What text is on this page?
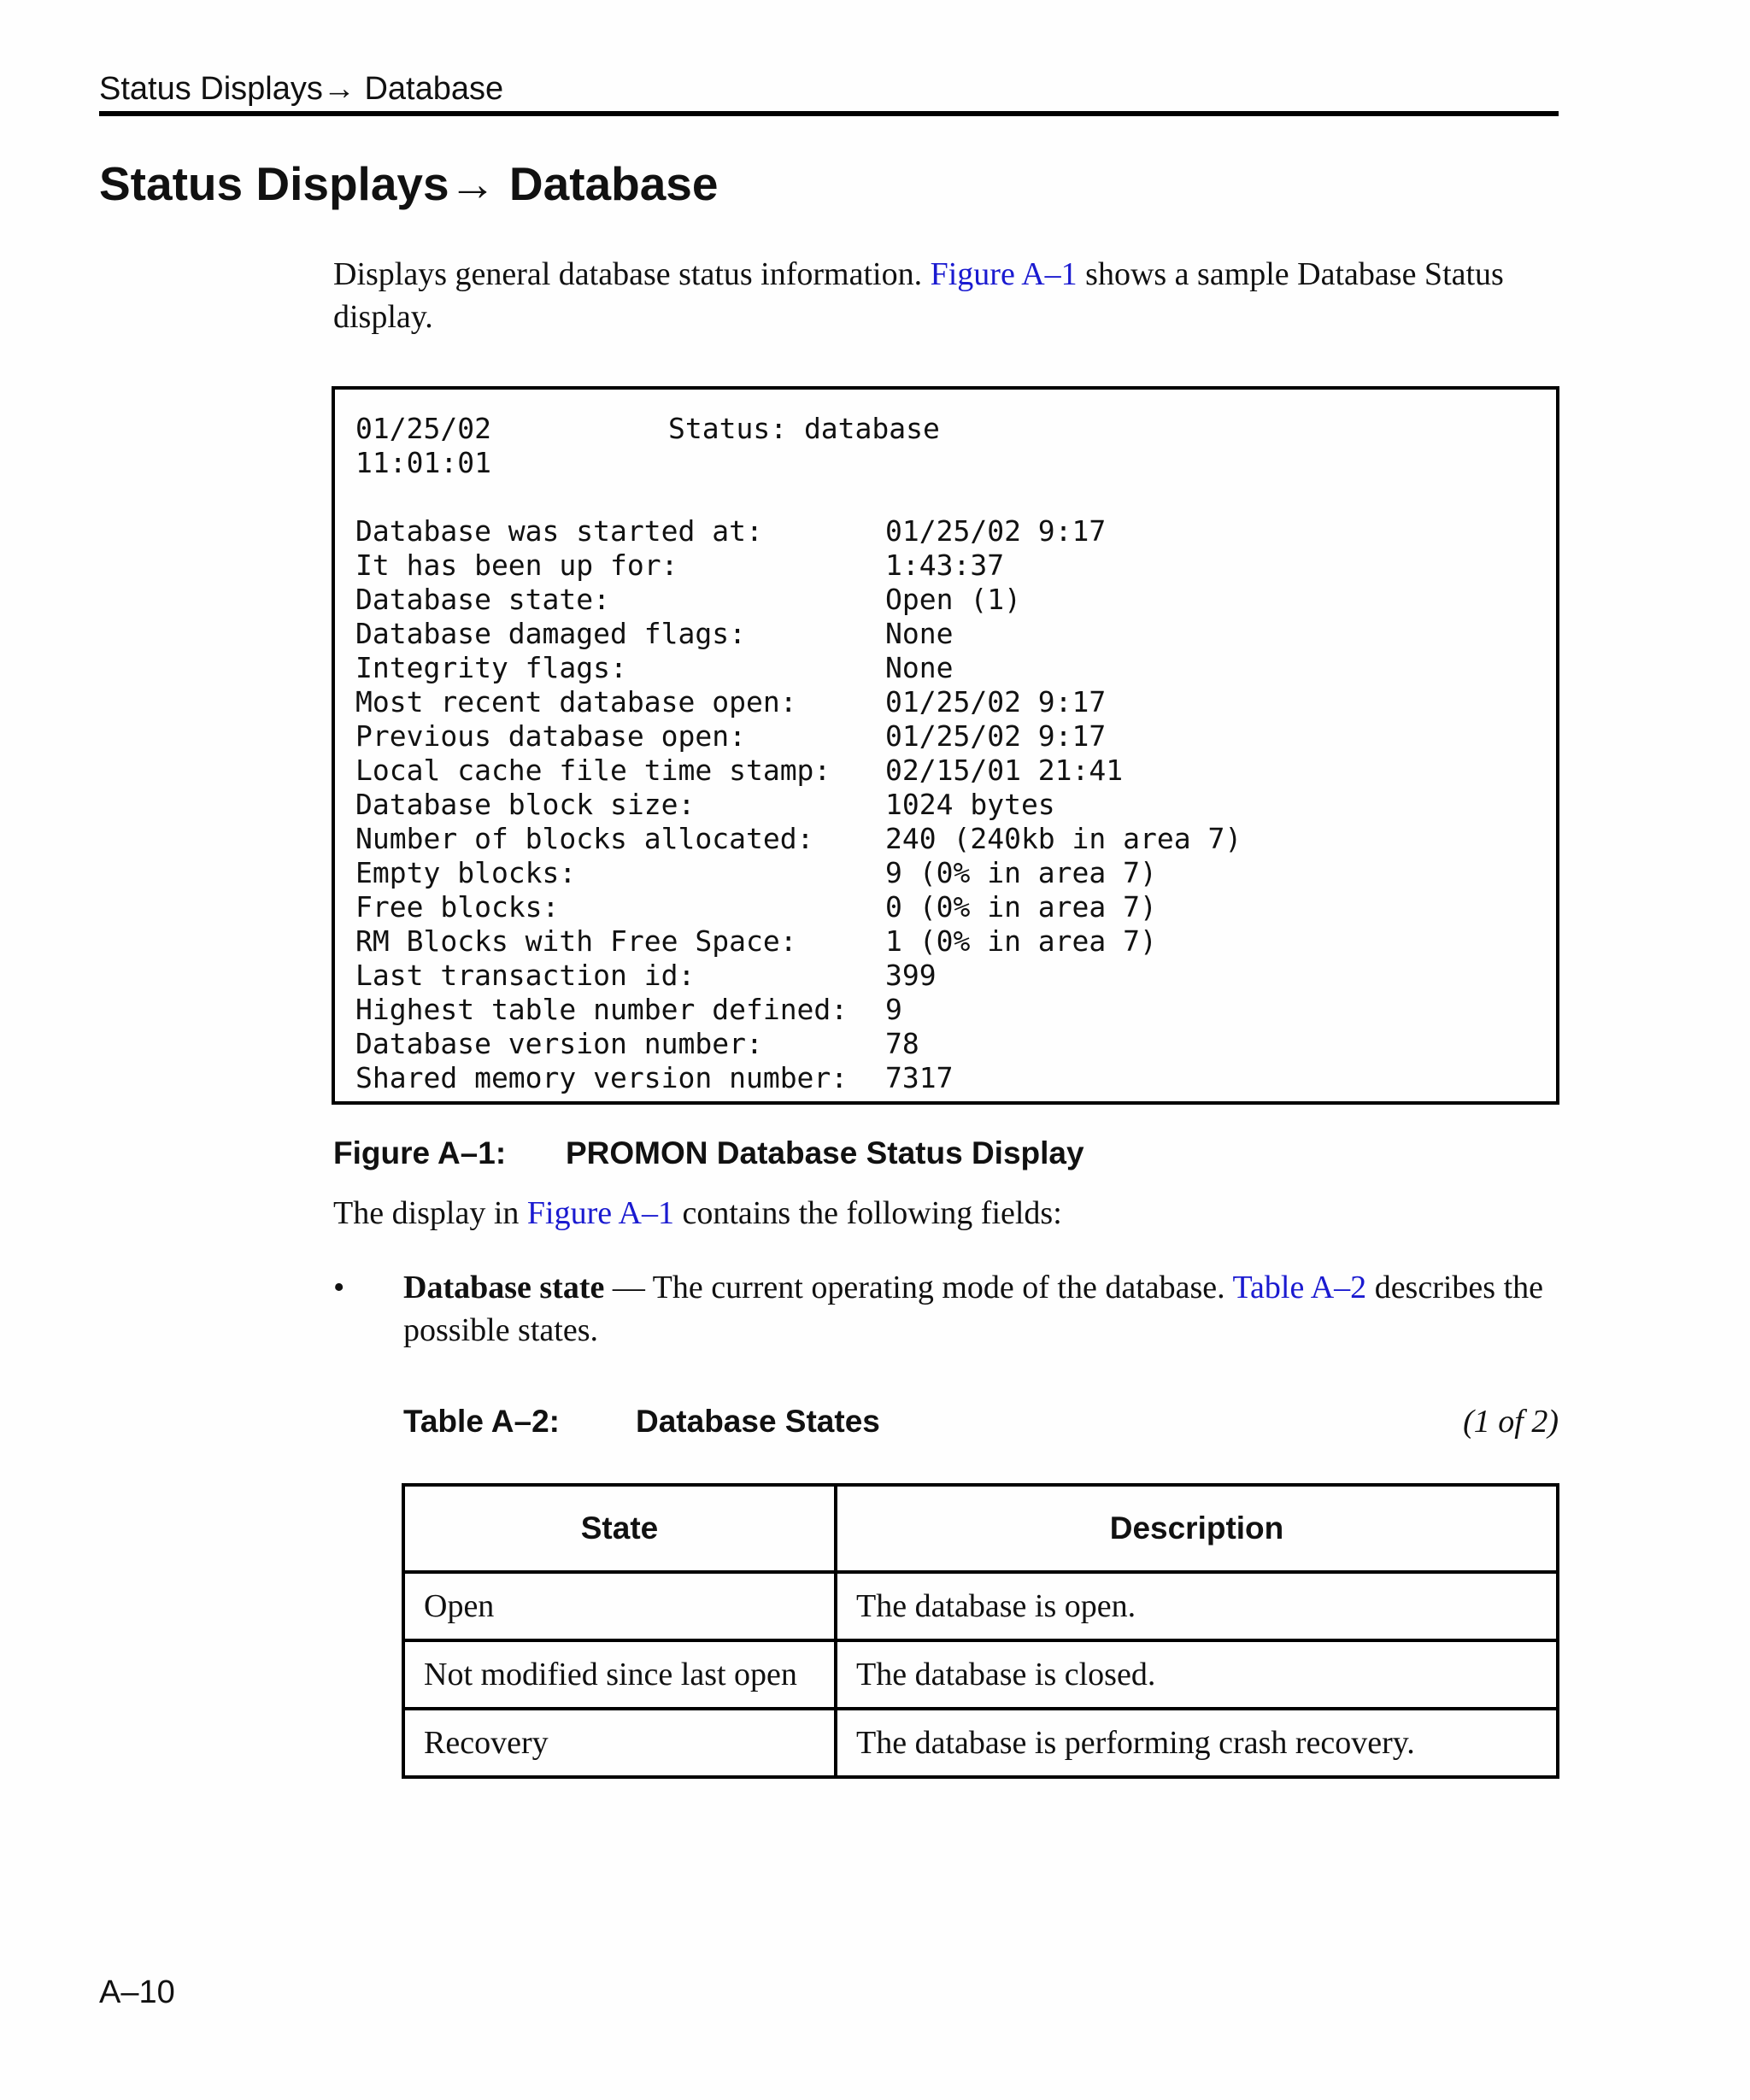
Status Displays→ Database
Status Displays→ Database

Displays general database status information. Figure A–1 shows a sample Database Status display.

01/25/02	Status: database
11:01:01
Database was started at:	01/25/02 9:17
It has been up for:	1:43:37
Database state:	Open (1)
Database damaged flags:	None
Integrity flags:	None
Most recent database open:	01/25/02 9:17
Previous database open:	01/25/02 9:17
Local cache file time stamp: 02/15/01 21:41
Database block size:	1024 bytes
Number of blocks allocated:	240 (240kb in area 7)
Empty blocks:	9 (0% in area 7)
Free blocks:	0 (0% in area 7)
RM Blocks with Free Space:	1 (0% in area 7)
Last transaction id:	399
Highest table number defined: 9
Database version number:	78
Shared memory version number: 7317
Figure A–1: PROMON Database Status Display
The display in Figure A–1 contains the following fields:
• Database state — The current operating mode of the database. Table A–2 describes the possible states.

Table A–2: Database States	(1 of 2)
State	Description
Open	The database is open.
Not modified since last open	The database is closed.
Recovery	The database is performing crash recovery.
A–10
